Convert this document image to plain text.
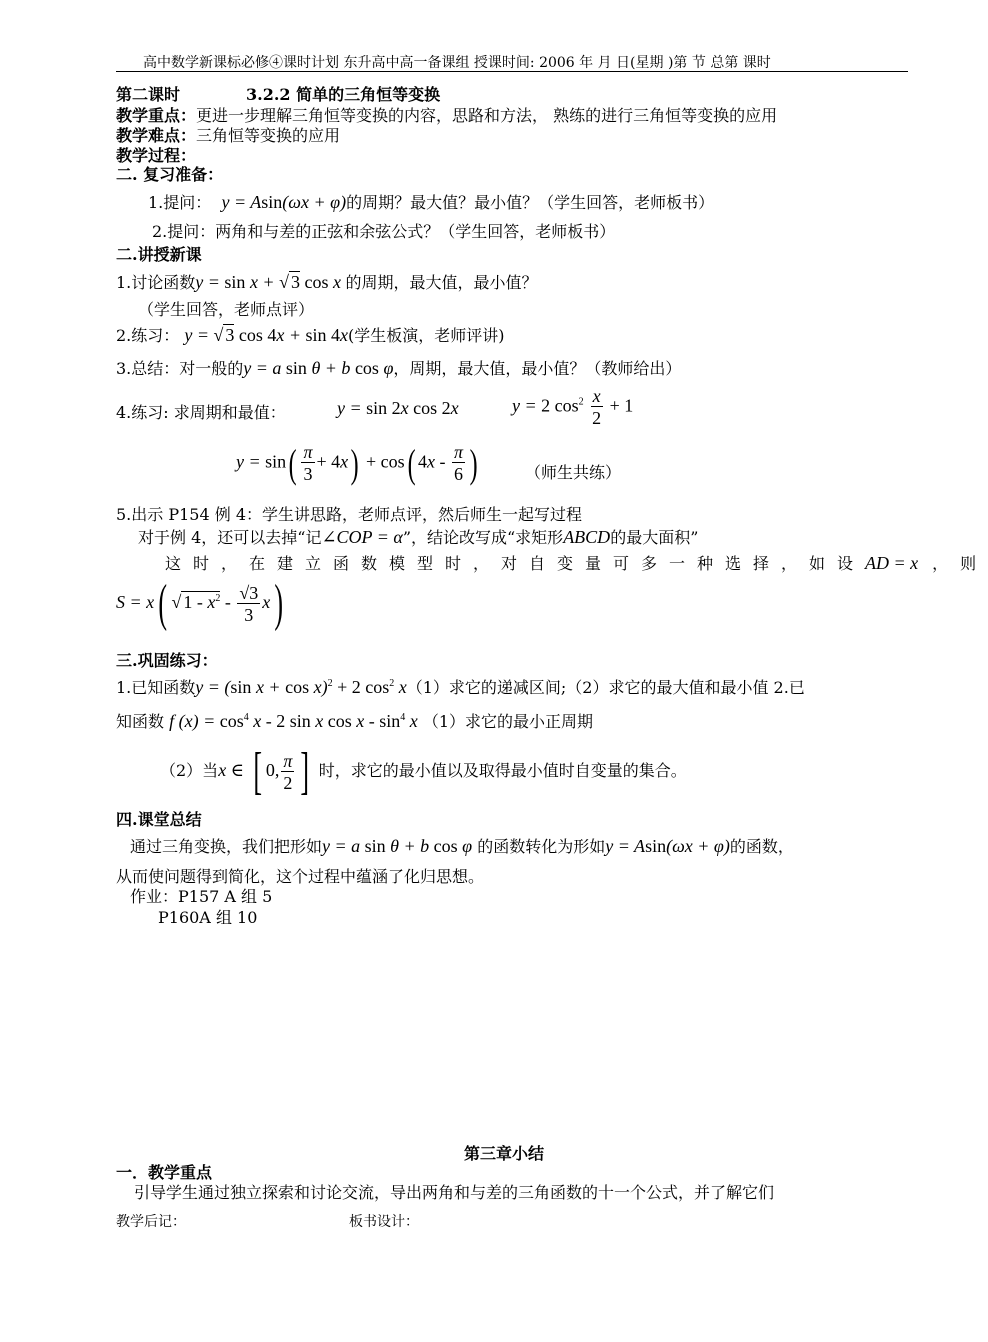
高中数学新课标必修④课时计划 东升高中高一备课组 授课时间: 2006 年 月 日(星期 )第 节 总第 课时
第二课时	3.2.2 简单的三角恒等变换
教学重点：更进一步理解三角恒等变换的内容，思路和方法， 熟练的进行三角恒等变换的应用
教学难点：三角恒等变换的应用
教学过程：
二. 复习准备：
1.提问： y = Asin(ωx + φ)的周期？最大值？最小值？（学生回答，老师板书）
2.提问：两角和与差的正弦和余弦公式？（学生回答，老师板书）
二.讲授新课
1.讨论函数y = sin x + √ 3 cos x 的周期，最大值，最小值？
（学生回答，老师点评）
2.练习： y = √ 3 cos 4x + sin 4x(学生板演，老师评讲)
3.总结：对一般的y = a sin θ + b cos φ，周期，最大值，最小值？（教师给出）
4.练习: 求周期和最值：	y = sin 2x cos 2x	y = 2 $\cos^2 \frac{x}{2} + 1$
$y = \sin( \frac{\pi}{3} + 4x) + \cos$( $4x - \frac{\pi}{6}$ )	（师生共练）
5.出示 P154 例 4：学生讲思路，老师点评，然后师生一起写过程
对于例 4，还可以去掉“记∠COP = α”，结论改写成“求矩形ABCD的最大面积”
这时，在建立函数模型时，对自变量可多一种选择，如设AD = x ，则
S = x( √ $1 - x^2 - \frac{√3}{3} x$)
三.巩固练习：
1.已知函数y = (sin x + cos x)$^2$ + 2 $\cos^2 x(1)$求它的递减区间;（2）求它的最大值和最小值 2.已
知函数 f $(x) = \cos^4 x - 2$ sin x cos x - $\sin^4 x$ （1）求它的最小正周期
（2）当x ∈ [ 0, $\frac{\pi}{2}$ ] 时，求它的最小值以及取得最小值时自变量的集合。
四.课堂总结
通过三角变换，我们把形如y = a sin θ + b cos φ 的函数转化为形如y = Asin(ωx + φ)的函数，
从而使问题得到简化，这个过程中蕴涵了化归思想。
作业：P157 A 组 5
P160A 组 10
第三章小结
一．教学重点
引导学生通过独立探索和讨论交流，导出两角和与差的三角函数的十一个公式，并了解它们
教学后记：	板书设计：
